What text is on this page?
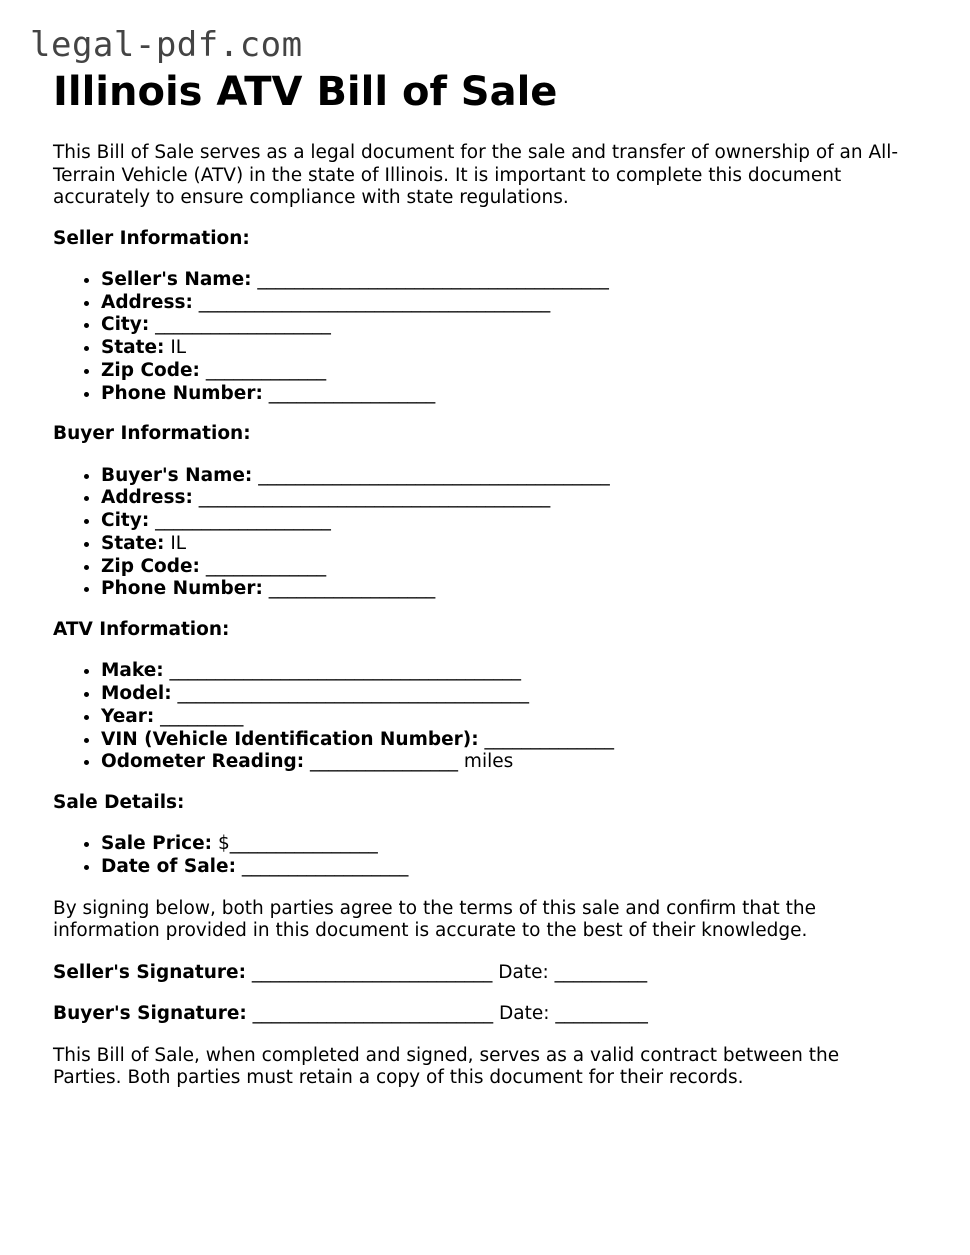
legal-pdf.com
Illinois ATV Bill of Sale

This Bill of Sale serves as a legal document for the sale and transfer of ownership of an All-Terrain Vehicle (ATV) in the state of Illinois. It is important to complete this document accurately to ensure compliance with state regulations.

Seller Information:
• Seller's Name: ______________________________________
• Address: ______________________________________
• City: ___________________
• State: IL
• Zip Code: _____________
• Phone Number: __________________
Buyer Information:
• Buyer's Name: ______________________________________
• Address: ______________________________________
• City: ___________________
• State: IL
• Zip Code: _____________
• Phone Number: __________________
ATV Information:
• Make: ______________________________________
• Model: ______________________________________
• Year: _________
• VIN (Vehicle Identification Number): ______________
• Odometer Reading: ________________ miles
Sale Details:
• Sale Price: $________________
• Date of Sale: __________________

By signing below, both parties agree to the terms of this sale and confirm that the information provided in this document is accurate to the best of their knowledge.

Seller's Signature: __________________________ Date: __________

Buyer's Signature: __________________________ Date: __________

This Bill of Sale, when completed and signed, serves as a valid contract between the Parties. Both parties must retain a copy of this document for their records.
